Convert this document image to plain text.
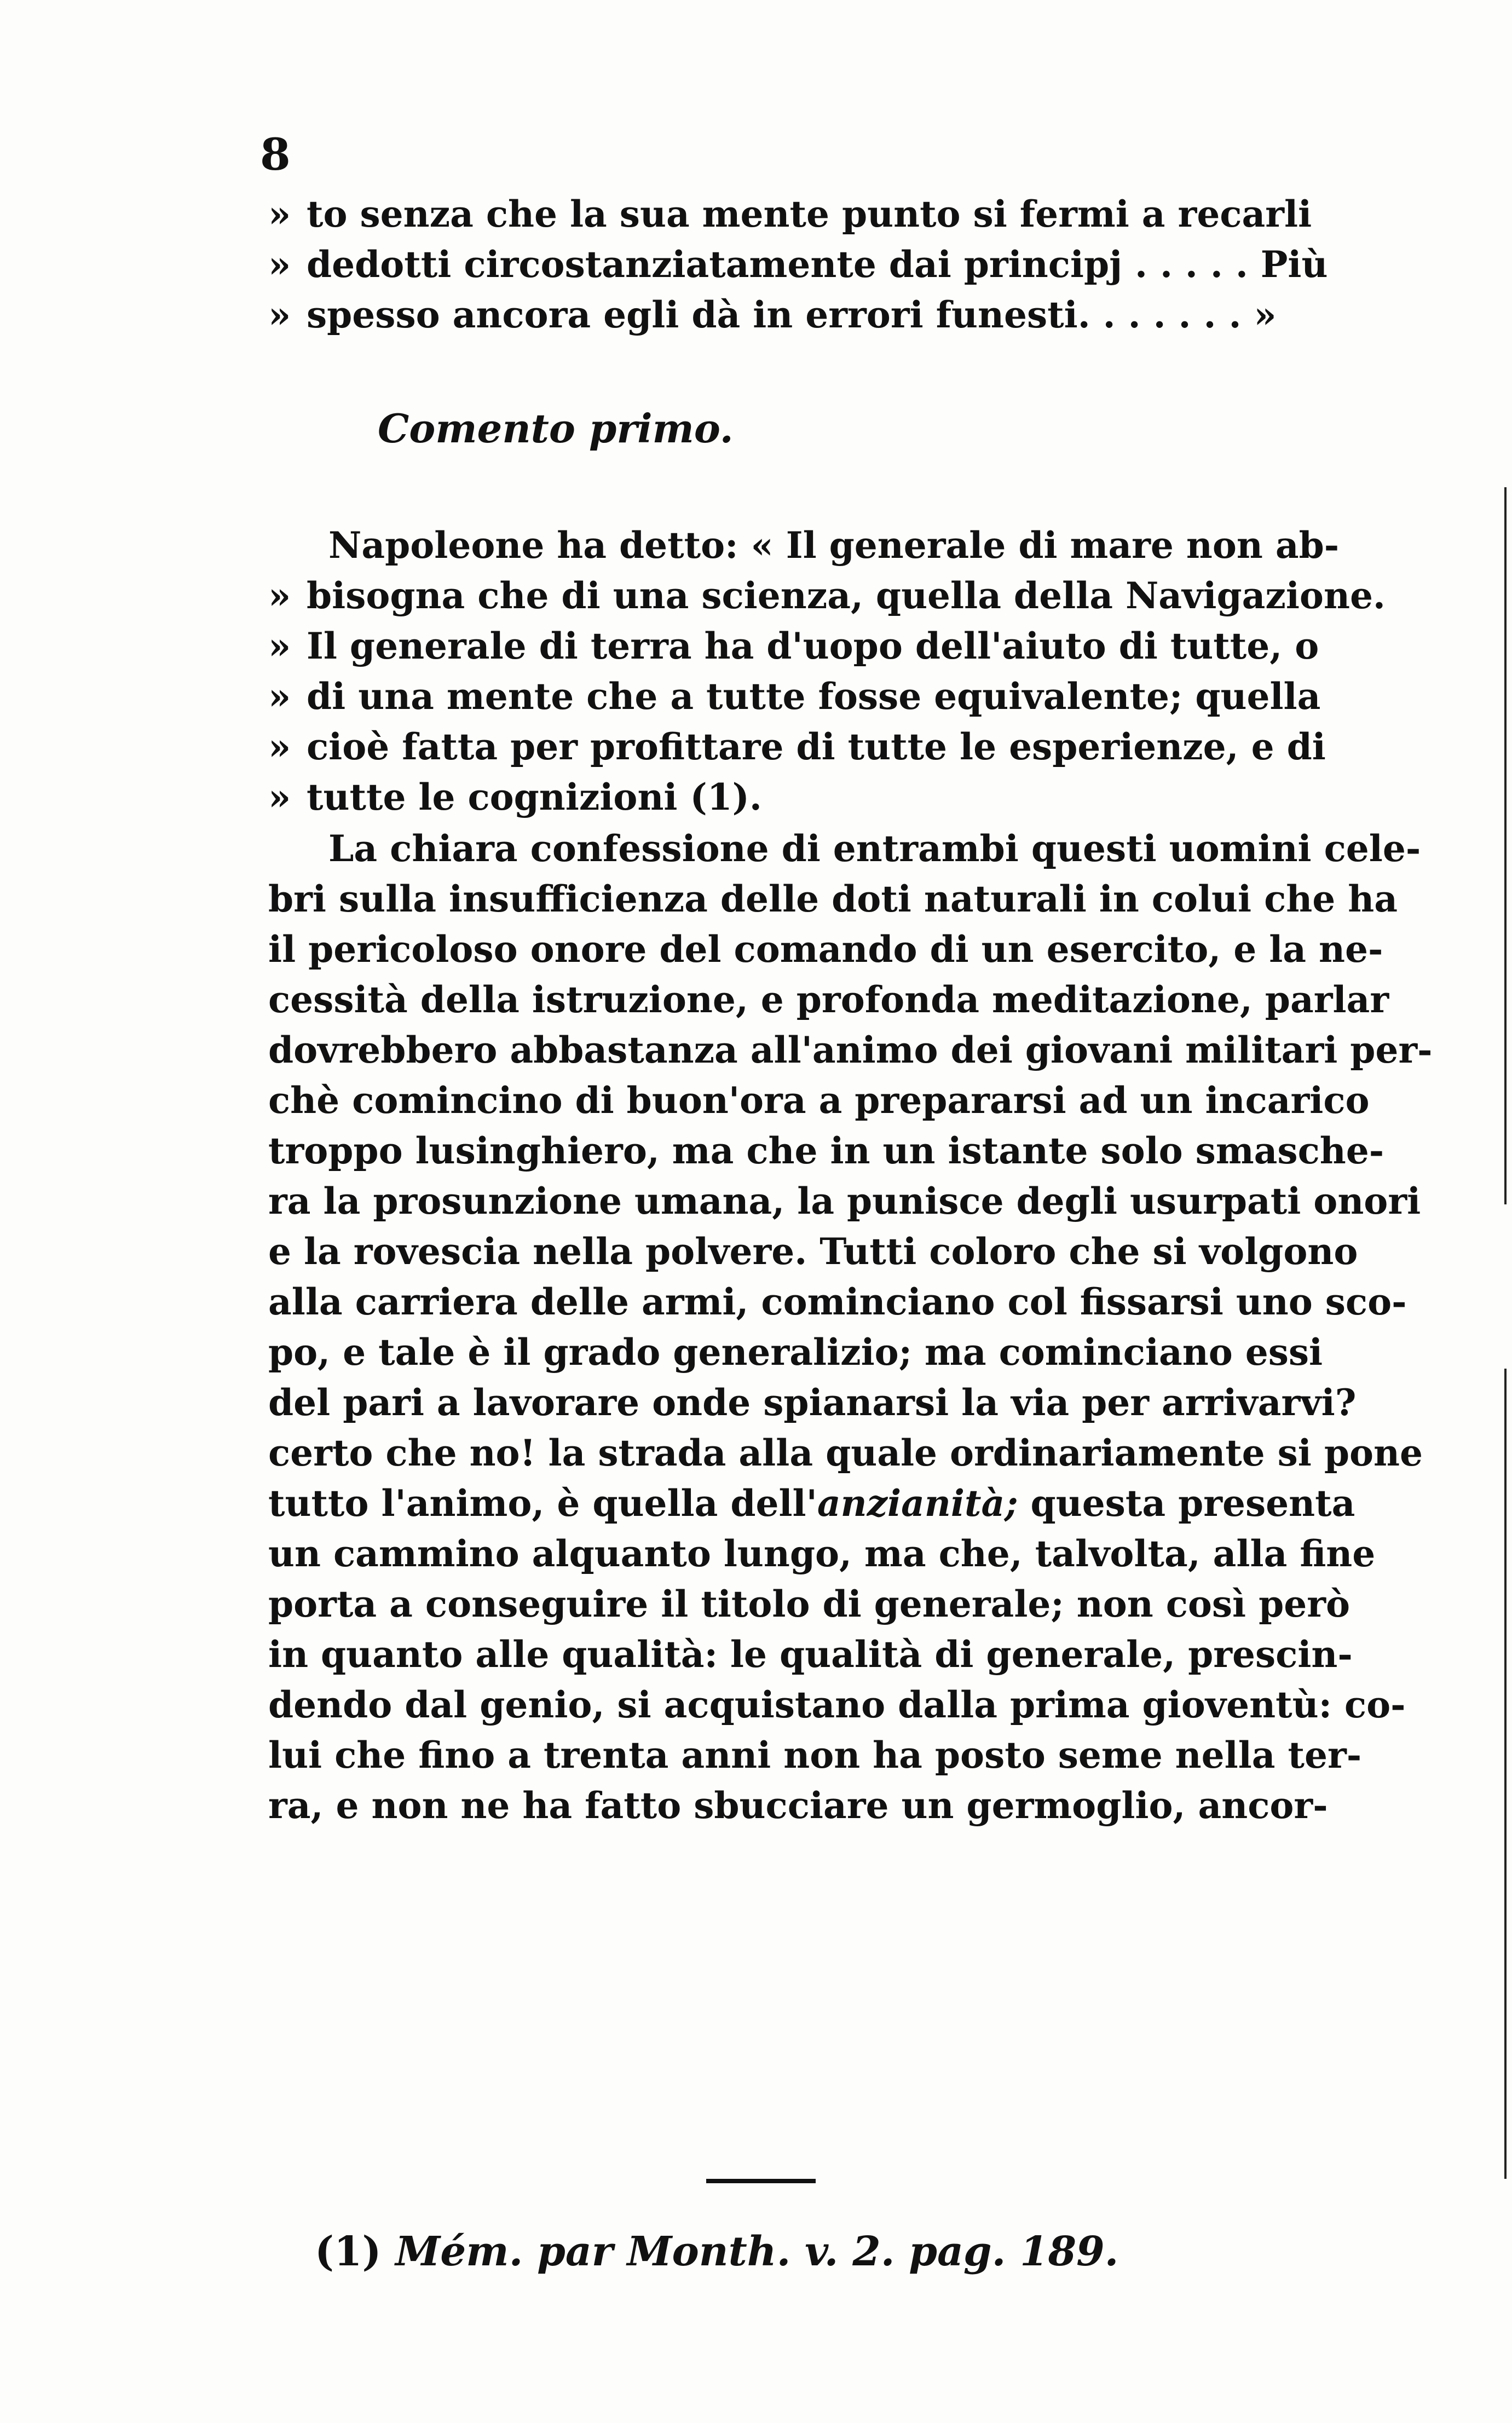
8
» to senza che la sua mente punto si fermi a recarli
» dedotti circostanziatamente dai principj . . . . . Più
» spesso ancora egli dà in errori funesti. . . . . . . »
Comento primo.
Napoleone ha detto: « Il generale di mare non ab-
» bisogna che di una scienza, quella della Navigazione.
» Il generale di terra ha d'uopo dell'aiuto di tutte, o
» di una mente che a tutte fosse equivalente; quella
» cioè fatta per profittare di tutte le esperienze, e di
» tutte le cognizioni (1).
La chiara confessione di entrambi questi uomini cele-
bri sulla insufficienza delle doti naturali in colui che ha
il pericoloso onore del comando di un esercito, e la ne-
cessità della istruzione, e profonda meditazione, parlar
dovrebbero abbastanza all'animo dei giovani militari per-
chè comincino di buon'ora a prepararsi ad un incarico
troppo lusinghiero, ma che in un istante solo smasche-
ra la prosunzione umana, la punisce degli usurpati onori
e la rovescia nella polvere. Tutti coloro che si volgono
alla carriera delle armi, cominciano col fissarsi uno sco-
po, e tale è il grado generalizio; ma cominciano essi
del pari a lavorare onde spianarsi la via per arrivarvi?
certo che no! la strada alla quale ordinariamente si pone
tutto l'animo, è quella dell'anzianità; questa presenta
un cammino alquanto lungo, ma che, talvolta, alla fine
porta a conseguire il titolo di generale; non così però
in quanto alle qualità: le qualità di generale, prescin-
dendo dal genio, si acquistano dalla prima gioventù: co-
lui che fino a trenta anni non ha posto seme nella ter-
ra, e non ne ha fatto sbucciare un germoglio, ancor-
(1) Mém. par Month. v. 2. pag. 189.
